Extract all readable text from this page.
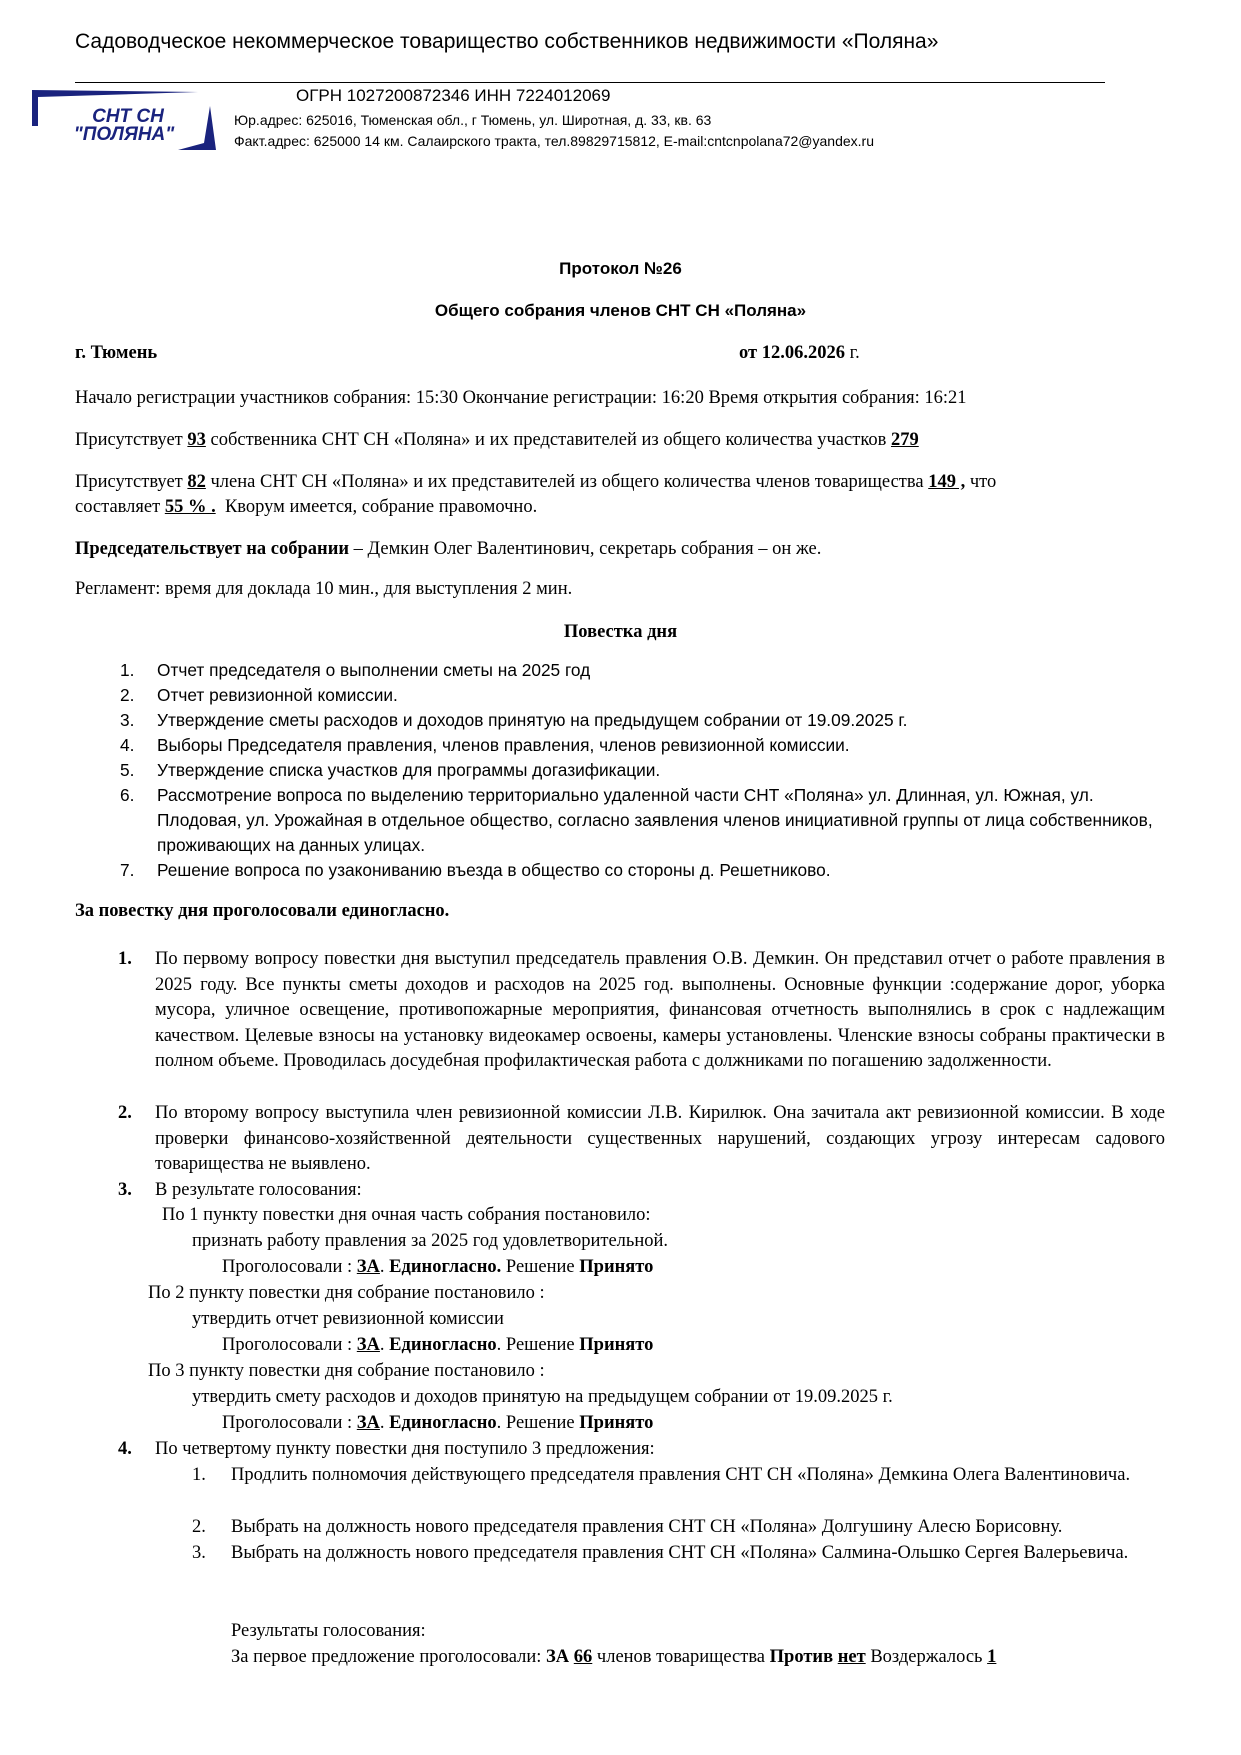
Садоводческое некоммерческое товарищество собственников недвижимости «Поляна»
СНТ СН
"ПОЛЯНА"
ОГРН 1027200872346 ИНН 7224012069
Юр.адрес: 625016, Тюменская обл., г Тюмень, ул. Широтная, д. 33, кв. 63
Факт.адрес: 625000 14 км. Салаирского тракта, тел.89829715812, E-mail:cntcnpolana72@yandex.ru
Протокол №26
Общего собрания членов СНТ СН «Поляна»
г. Тюмень	от 12.06.2026 г.
Начало регистрации участников собрания: 15:30 Окончание регистрации: 16:20 Время открытия собрания: 16:21
Присутствует 93 собственника СНТ СН «Поляна» и их представителей из общего количества участков 279
Присутствует 82 члена СНТ СН «Поляна» и их представителей из общего количества членов товарищества 149 , что
составляет 55 % .  Кворум имеется, собрание правомочно.
Председательствует на собрании – Демкин Олег Валентинович, секретарь собрания – он же.
Регламент: время для доклада 10 мин., для выступления 2 мин.
Повестка дня
1. Отчет председателя о выполнении сметы на 2025 год
2. Отчет ревизионной комиссии.
3. Утверждение сметы расходов и доходов принятую на предыдущем собрании от 19.09.2025 г.
4. Выборы Председателя правления, членов правления, членов ревизионной комиссии.
5. Утверждение списка участков для программы догазификации.
6. Рассмотрение вопроса по выделению территориально удаленной части СНТ «Поляна» ул. Длинная, ул. Южная, ул. Плодовая, ул. Урожайная в отдельное общество, согласно заявления членов инициативной группы от лица собственников, проживающих на данных улицах.
7. Решение вопроса по узакониванию въезда в общество со стороны д. Решетниково.
За повестку дня проголосовали единогласно.
1. По первому вопросу повестки дня выступил председатель правления О.В. Демкин. Он представил отчет о работе правления в 2025 году. Все пункты сметы доходов и расходов на 2025 год. выполнены. Основные функции :содержание дорог, уборка мусора, уличное освещение, противопожарные мероприятия, финансовая отчетность выполнялись в срок с надлежащим качеством. Целевые взносы на установку видеокамер освоены, камеры установлены. Членские взносы собраны практически в полном объеме. Проводилась досудебная профилактическая работа с должниками по погашению задолженности.
2. По второму вопросу выступила член ревизионной комиссии Л.В. Кирилюк. Она зачитала акт ревизионной комиссии. В ходе проверки финансово-хозяйственной деятельности существенных нарушений, создающих угрозу интересам садового товарищества не выявлено.
3. В результате голосования:
По 1 пункту повестки дня очная часть собрания постановило:
признать работу правления за 2025 год удовлетворительной.
Проголосовали : ЗА. Единогласно. Решение Принято
По 2 пункту повестки дня собрание постановило :
утвердить отчет ревизионной комиссии
Проголосовали : ЗА. Единогласно. Решение Принято
По 3 пункту повестки дня собрание постановило :
утвердить смету расходов и доходов принятую на предыдущем собрании от 19.09.2025 г.
Проголосовали : ЗА. Единогласно. Решение Принято
4. По четвертому пункту повестки дня поступило 3 предложения:
1. Продлить полномочия действующего председателя правления СНТ СН «Поляна» Демкина Олега Валентиновича.
2. Выбрать на должность нового председателя правления СНТ СН «Поляна» Долгушину Алесю Борисовну.
3. Выбрать на должность нового председателя правления СНТ СН «Поляна» Салмина-Ольшко Сергея Валерьевича.
Результаты голосования:
За первое предложение проголосовали: ЗА 66 членов товарищества Против нет Воздержалось 1
